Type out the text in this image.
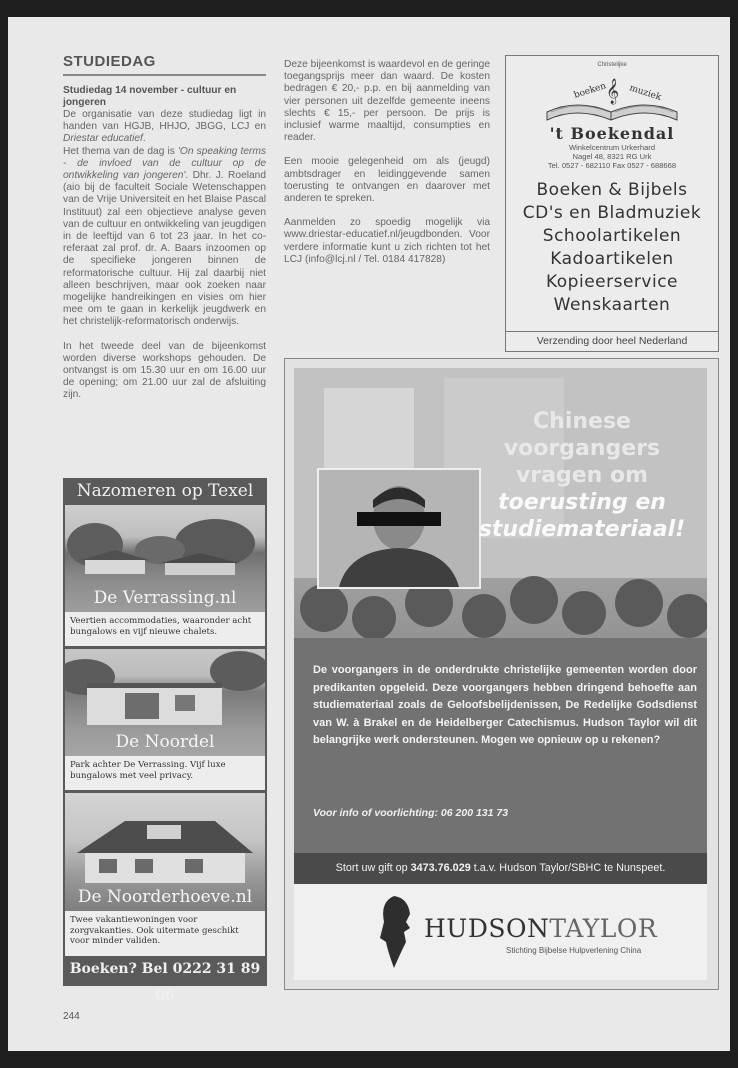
STUDIEDAG
Studiedag 14 november - cultuur en jongeren

De organisatie van deze studiedag ligt in handen van HGJB, HHJO, JBGG, LCJ en Driestar educatief.

Het thema van de dag is 'On speaking terms - de invloed van de cultuur op de ontwikkeling van jongeren'. Dhr. J. Roeland (aio bij de faculteit Sociale Wetenschappen van de Vrije Universiteit en het Blaise Pascal Instituut) zal een objectieve analyse geven van de cultuur en ontwikkeling van jeugdigen in de leeftijd van 6 tot 23 jaar. In het co-referaat zal prof. dr. A. Baars inzoomen op de specifieke jongeren binnen de reformatorische cultuur. Hij zal daarbij niet alleen beschrijven, maar ook zoeken naar mogelijke handreikingen en visies om hier mee om te gaan in kerkelijk jeugdwerk en het christelijk-reformatorisch onderwijs.

In het tweede deel van de bijeenkomst worden diverse workshops gehouden. De ontvangst is om 15.30 uur en om 16.00 uur de opening; om 21.00 uur zal de afsluiting zijn.

Deze bijeenkomst is waardevol en de geringe toegangsprijs meer dan waard. De kosten bedragen € 20,- p.p. en bij aanmelding van vier personen uit dezelfde gemeente ineens slechts € 15,- per persoon. De prijs is inclusief warme maaltijd, consumpties en reader.

Een mooie gelegenheid om als (jeugd) ambtsdrager en leidinggevende samen toerusting te ontvangen en daarover met anderen te spreken.

Aanmelden zo spoedig mogelijk via www.driestar-educatief.nl/jeugdbonden. Voor verdere informatie kunt u zich richten tot het LCJ (info@lcj.nl / Tel. 0184 417828)

Christelijke
boeken muziek
𝄞
't Boekendal
Winkelcentrum Urkerhard
Nagel 48, 8321 RG Urk
Tel. 0527 - 682110 Fax 0527 - 688668
Boeken & Bijbels
CD's en Bladmuziek
Schoolartikelen
Kadoartikelen
Kopieerservice
Wenskaarten
Verzending door heel Nederland
Nazomeren op Texel
De Verrassing.nl
Veertien accommodaties, waaronder acht bungalows en vijf nieuwe chalets.
De Noordel
Park achter De Verrassing. Vijf luxe bungalows met veel privacy.
De Noorderhoeve.nl
Twee vakantiewoningen voor zorgvakanties. Ook uitermate geschikt voor minder validen.
Boeken? Bel 0222 31 89 06
Chinese
voorgangers
vragen om
toerusting en
studiemateriaal!
De voorgangers in de onderdrukte christelijke gemeenten worden door predikanten opgeleid. Deze voorgangers hebben dringend behoefte aan studiemateriaal zoals de Geloofsbelijdenissen, De Redelijke Godsdienst van W. à Brakel en de Heidelberger Catechismus. Hudson Taylor wil dit belangrijke werk ondersteunen. Mogen we opnieuw op u rekenen?
Voor info of voorlichting: 06 200 131 73
Stort uw gift op 3473.76.029 t.a.v. Hudson Taylor/SBHC te Nunspeet.
HUDSONTAYLOR
Stichting Bijbelse Hulpverlening China
244
